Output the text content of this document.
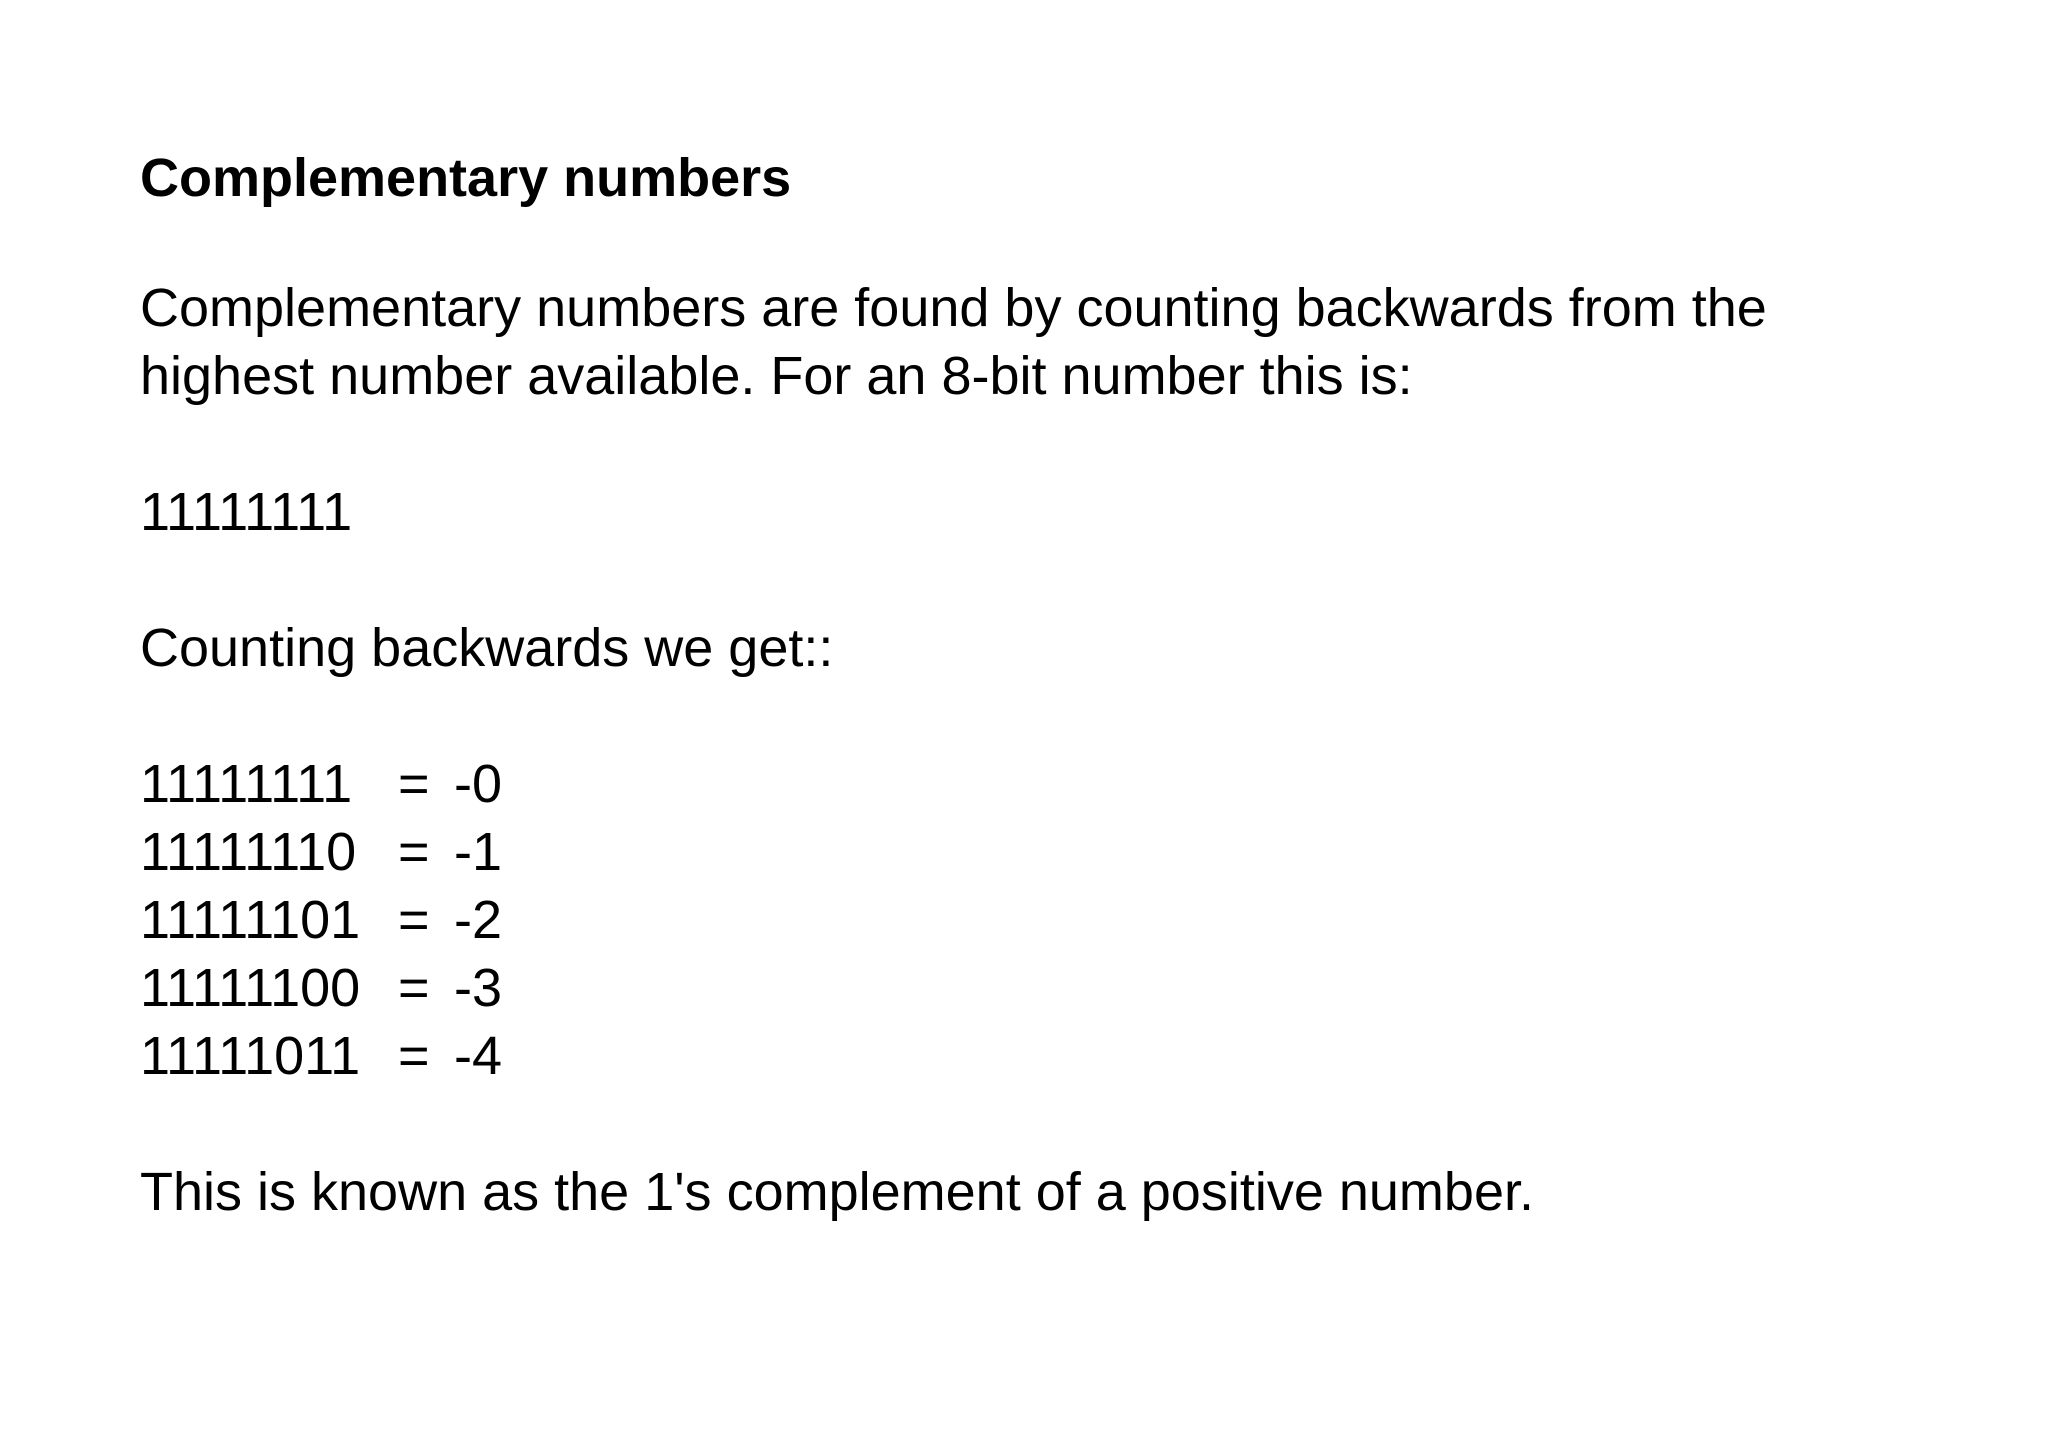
Complementary numbers
Complementary numbers are found by counting backwards from the
highest number available. For an 8-bit number this is:
11111111
Counting backwards we get::
11111111 = -0
11111110 = -1
11111101 = -2
11111100 = -3
11111011 = -4
This is known as the 1's complement of a positive number.
